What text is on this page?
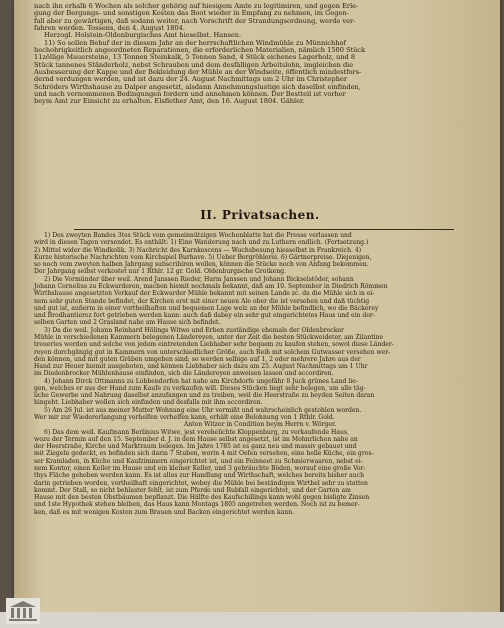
nach ihn erhalb 6 Wochen als solcher gehörig auf hiesigem Amte zu legitimiren, und gegen Erle-

gung der Bergungs- und sonstigen Kosten das Boot wieder in Empfang zu nehmen, im Gegen-

fall aber zu gewärtigen, daß sodann weiter, nach Vorschrift der Strandungsordnung, werde ver-

fahren werden. Tossens, den 4. August 1804.

Herzogl. Holstein-Oldenburgisches Amt hieselbst. Hansen.

11) So sollen Behuf der in diesem Jahr an der herrschaftlichen Windmühle zu Münnichhof

hochobrigkeitlich angeordneten Reparationen, die erforderlichen Materialien, nämlich 1500 Stück

11zöllige Mauersteine, 13 Tonnen Steinkalk, 5 Tonnen Sand, 4 Stück eichenes Lagerholz, und 8

Stück tannenes Ständerholz, nebst Schrauben und dem desfälligen Arbeitslohn, imgleichen die

Ausbesserung der Kappe und der Bekleidung der Mühle an der Windseite, öffentlich mindestfors-

dernd verdungen werden, und ist dazu der 24. August Nachmittags um 2 Uhr im Christopher

Schröders Wirthshause zu Dalper angesetzt, alsdann Annehmungslustige sich daselbst einfinden,

und nach vernommenen Bedingungen fordern und annehmen können. Der Bestteil ist vorher

beym Amt zur Einsicht zu erhalten. Elsflether Amt, den 16. August 1804. Gähler.

II. Privatsachen.

1) Des zweyten Bandes 3tes Stück vom gemeinnützigen Wochenblatte hat die Presse verlassen und

wird in diesen Tagen versendet. Es enthält: 1) Eine Wanderung nach und zu Luthern endlich. (Fortsetzung.)

2) Mittel wider die Windkolik. 3) Nachricht des Karnkescens — Wuchsbesung hiesselbst in Frankreich. 4)

Kurze historische Nachrichten vom Kirchspiel Burhave. 5) Ueber Bergröhlerei. 6) Gärtnerpreise. Diejenigen,

so noch vom zweyten halben Jahrgang subscribiren wollen, können die Stücke noch von Anfang bekommen.

Der Jahrgang selbst verkostet nur 1 Rthlr. 12 gr. Gold. Oldenburgische Grotkeng.

2) Die Vormünder über weil. Arend Janssen Rieder, Harm Janssen und Johann Bickselstöder, sohann

Johann Cornelius zu Eckwarderen, machen hiemit nochmals bekannt, daß am 10. September in Diedrich Römmen

Wirthshause angesetzten Verkauf der Eckwarder Mühle bekannt mit seinen Lande zc. da die Mühle sich in ei-

nem sehr guten Stande befindet, der Kirchen erst mit einer neuen Ale ober die ist versehen und daß tüchtig

und gut ist, außerm in einer vortheilhaften und bequemen Lage welz an der Mühle befindlich, wo die Bäckerey

und Brodhantierez fort getrieben werden kann: auch daß dabey ein sehr gut eingerichtetes Haus und ein der-

selben Garten und 2 Grasland nahe am Hause sich befindet.

3) Da die weil. Johann Reinhard Hölings Witwe und Erben zuständige ehemals der Oldenbrocker

Mühle in verschiedenen Kammern belegenen Ländereyen, unter der Zeit die besten Stückweideter, am Zilantine

treueries werden und solche von jedem eintretenden Liebhaber sehr bequem zu kaufen stehen, sowol diese Länder-

reyen durchgängig gut in Kammern von unterschiedlicher Größe, auch Reih mit solchem Gutwasser versehen wer-

den können, und mit guten Gräben umgeben sind; so werden selbige auf 1, 2 oder mehrere Jahre aus der

Hand zur Heuer hiemit ausgeboten, und können Liebhaber sich dazu am 25. August Nachmittags um 1 Uhr

im Diedenbrocker Mühlenhause einfinden, sich die Ländereyen anweisen lassen und accordiren.

4) Johann Dirck Ottmanns zu Lobbendorfen hat nahe am Kirchdorfe ungefähr 8 Juck grünes Land lie-

gen, welches er aus der Hand zum Kaufe zu verkaufen will. Dieses Stücken liegt sehr belegen, um alle täg-

liche Gewerbe und Nahrung daselbst anzufangen und zu treiben, weil die Heerstraße zu beyden Seiten daran

hingeht. Liebhaber wollen sich einfinden und desfalls mit ihm accordiren.

5) Am 26 Jul. ist aus meiner Mutter Wohnung eine Uhr vermißt und wahrscheinlich gestohlen worden.

Wer mir zur Wiedererlangung verhelfen verhelfen kann, erhält eine Belohnung von 1 Rthlr. Gold.

Anton Witzer in Condition beym Herrn v. Wörger.

6) Das dem weil. Kaufmann Berlinius Witwe, jest verehelichte Kloppenburg, zu verkaufende Haus,

wozu der Termin auf den 15. September d. J. in dem Hause selbst angesetzt, ist im Mohnrlichen nahe an

der Heerstraße, Kirche und Marktraum belegen. Im Jahre 1785 ist es ganz neu und massiv gebauet und

mit Ziegeln gedeckt, es befinden sich darin 7 Stuben, worin 4 mit Oefen versehen, eine helle Küche, ein gros-

ser Kramladen, in Küche und Kaufzimmern eingerichtet ist, und ein Feinneet zu Schmierwaaren, nebst ei-

nem Kontor, einen Keller im Hause und ein kleiner Keller, und 3 gebräuchte Böden, worauf eine große Vor-

thys Fläche gehoben werden kann. Es ist alles zur Handlung und Wirthschaft, welches bereits bisher auch

darin getrieben worden, vortheilhaft eingerichtet, wobey die Mühle bei beständigen Wirthel sehr zu statten

kommt. Der Stall, so nicht behlaster fehlt, ist zum Pferde und Rubfall eingerichtet, und der Garten am

Hause mit den besten Obstbäumen bepflanzt. Die Hälfte des Kaufschillings kann wohl gegen bisligte Zinsen

und 1ste Hypothek stehen bleiben, das Haus kann Montags 1805 angetreten werden. Noch ist zu bemer-

ken, daß es mit wenigen Kosten zum Brauen und Backen eingerichtet werden kann.
